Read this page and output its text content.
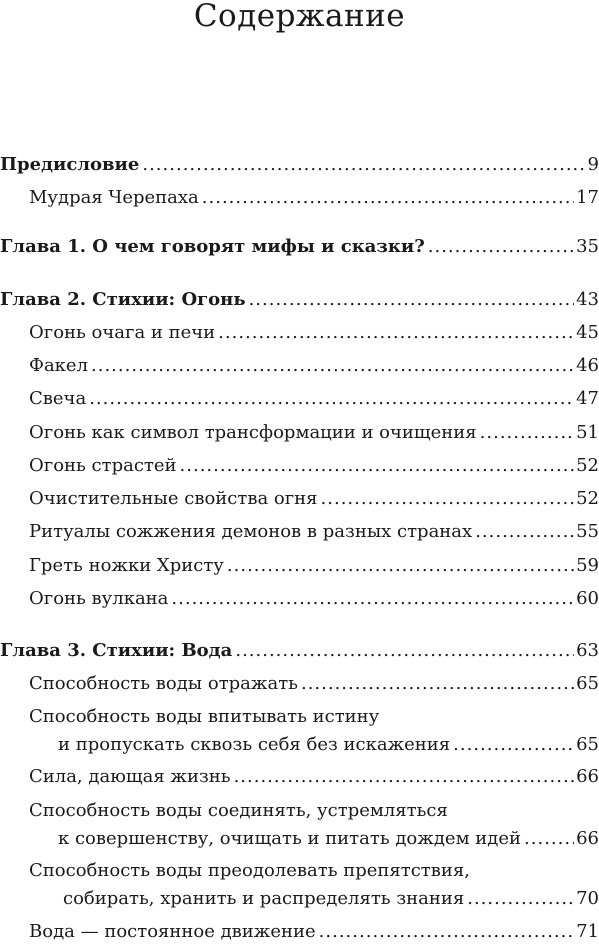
Содержание
Предисловие .....	9
Мудрая Черепаха .....	17
Глава 1. О чем говорят мифы и сказки? .....	35
Глава 2. Стихии: Огонь .....	43
Огонь очага и печи .....	45
Факел .....	46
Свеча .....	47
Огонь как символ трансформации и очищения .....	51
Огонь страстей .....	52
Очистительные свойства огня .....	52
Ритуалы сожжения демонов в разных странах .....	55
Греть ножки Христу .....	59
Огонь вулкана .....	60
Глава 3. Стихии: Вода .....	63
Способность воды отражать .....	65
Способность воды впитывать истину
и пропускать сквозь себя без искажения .....	65
Сила, дающая жизнь .....	66
Способность воды соединять, устремляться
к совершенству, очищать и питать дождем идей .....	66
Способность воды преодолевать препятствия,
собирать, хранить и распределять знания .....	70
Вода — постоянное движение .....	71
